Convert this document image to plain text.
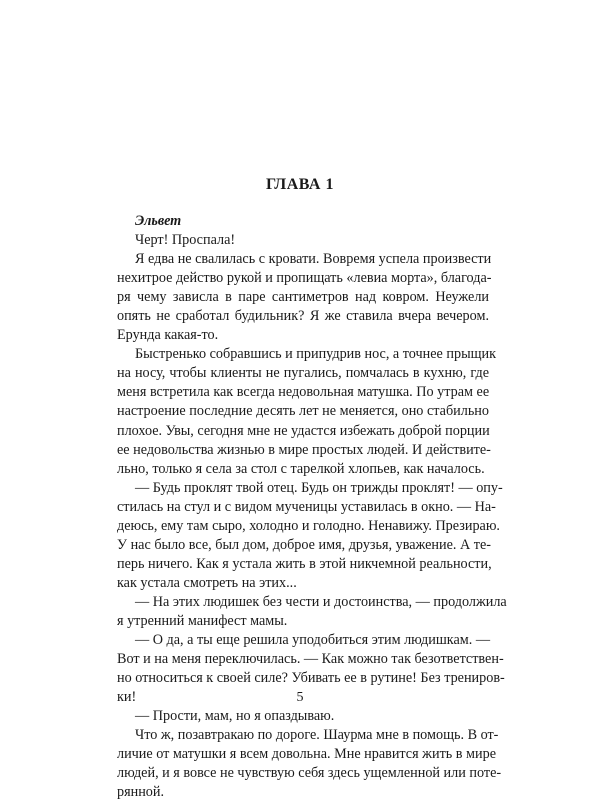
ГЛАВА 1

Эльвет

Черт! Проспала!

Я едва не свалилась с кровати. Вовремя успела произвести
нехитрое действо рукой и пропищать «левиа морта», благода-
ря чему зависла в паре сантиметров над ковром. Неужели
опять не сработал будильник? Я же ставила вчера вечером.
Ерунда какая-то.

Быстренько собравшись и припудрив нос, а точнее прыщик
на носу, чтобы клиенты не пугались, помчалась в кухню, где
меня встретила как всегда недовольная матушка. По утрам ее
настроение последние десять лет не меняется, оно стабильно
плохое. Увы, сегодня мне не удастся избежать доброй порции
ее недовольства жизнью в мире простых людей. И действите-
льно, только я села за стол с тарелкой хлопьев, как началось.

— Будь проклят твой отец. Будь он трижды проклят! — опу-
стилась на стул и с видом мученицы уставилась в окно. — На-
деюсь, ему там сыро, холодно и голодно. Ненавижу. Презираю.
У нас было все, был дом, доброе имя, друзья, уважение. А те-
перь ничего. Как я устала жить в этой никчемной реальности,
как устала смотреть на этих...

— На этих людишек без чести и достоинства, — продолжила
я утренний манифест мамы.

— О да, а ты еще решила уподобиться этим людишкам. —
Вот и на меня переключилась. — Как можно так безответствен-
но относиться к своей силе? Убивать ее в рутине! Без трениров-
ки!

— Прости, мам, но я опаздываю.

Что ж, позавтракаю по дороге. Шаурма мне в помощь. В от-
личие от матушки я всем довольна. Мне нравится жить в мире
людей, и я вовсе не чувствую себя здесь ущемленной или поте-
рянной.

5
